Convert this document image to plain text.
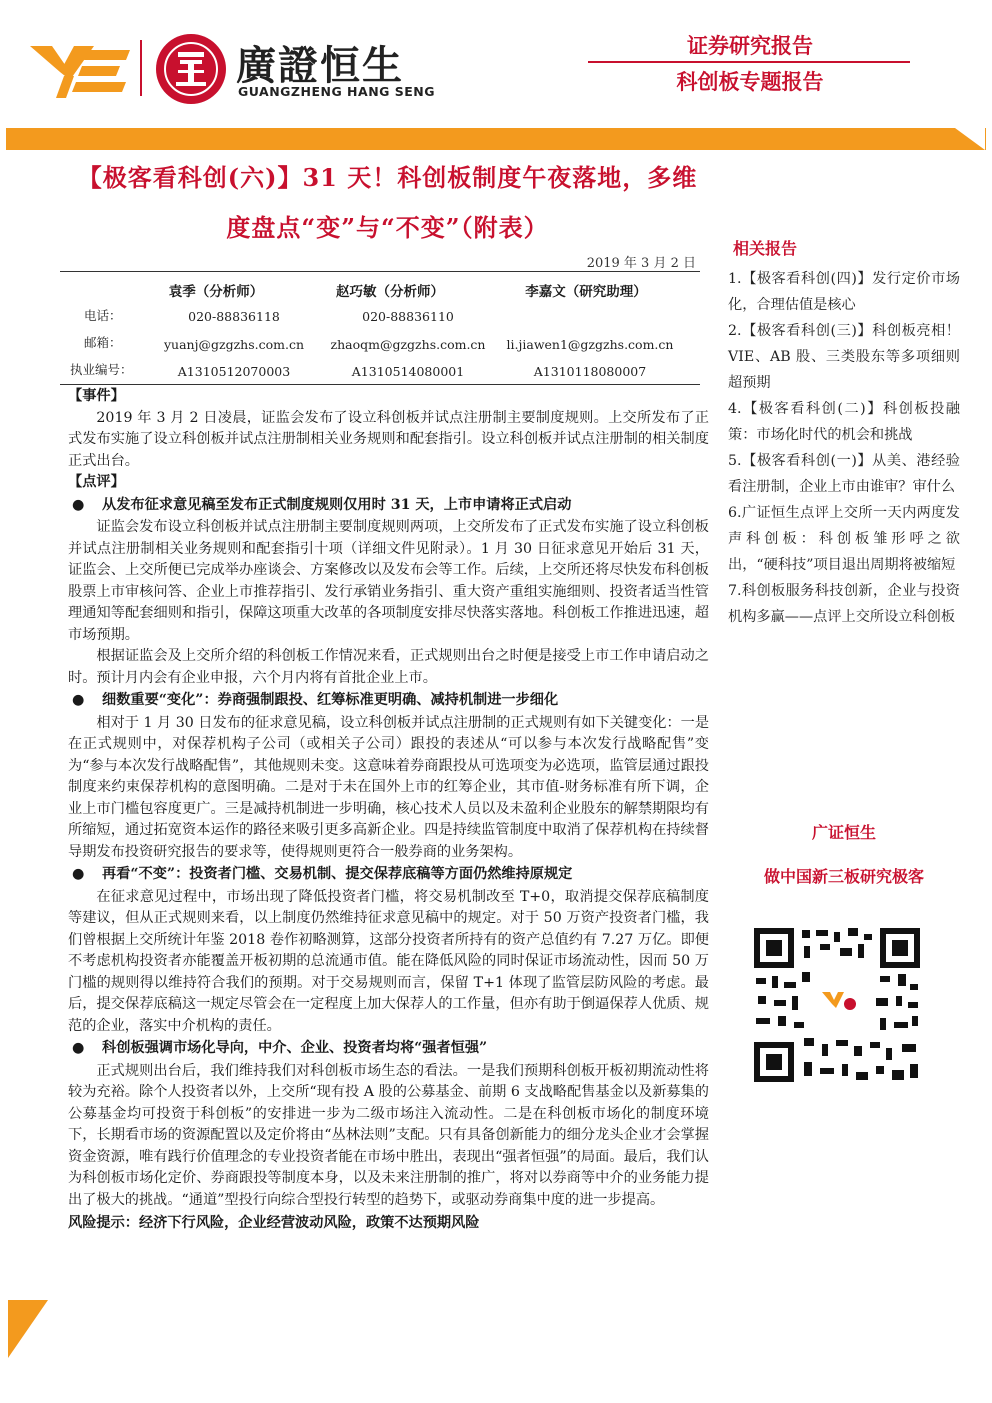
廣證恒生
GUANGZHENG HANG SENG
证券研究报告
科创板专题报告
【极客看科创(六)】31 天！科创板制度午夜落地，多维
度盘点“变”与“不变”（附表）
2019 年 3 月 2 日
袁季（分析师）	赵巧敏（分析师）	李嘉文（研究助理）
电话：	020-88836118	020-88836110
邮箱：	yuanj@gzgzhs.com.cn	zhaoqm@gzgzhs.com.cn	li.jiawen1@gzgzhs.com.cn
执业编号：	A1310512070003	A1310514080001	A1310118080007

【事件】

2019 年 3 月 2 日凌晨，证监会发布了设立科创板并试点注册制主要制度规则。上交所发布了正式发布实施了设立科创板并试点注册制相关业务规则和配套指引。设立科创板并试点注册制的相关制度正式出台。

【点评】

● 从发布征求意见稿至发布正式制度规则仅用时 31 天，上市申请将正式启动

证监会发布设立科创板并试点注册制主要制度规则两项，上交所发布了正式发布实施了设立科创板并试点注册制相关业务规则和配套指引十项（详细文件见附录）。1 月 30 日征求意见开始后 31 天，证监会、上交所便已完成举办座谈会、方案修改以及发布会等工作。后续，上交所还将尽快发布科创板股票上市审核问答、企业上市推荐指引、发行承销业务指引、重大资产重组实施细则、投资者适当性管理通知等配套细则和指引，保障这项重大改革的各项制度安排尽快落实落地。科创板工作推进迅速，超市场预期。

根据证监会及上交所介绍的科创板工作情况来看，正式规则出台之时便是接受上市工作申请启动之时。预计月内会有企业申报，六个月内将有首批企业上市。

● 细数重要“变化”：券商强制跟投、红筹标准更明确、减持机制进一步细化

相对于 1 月 30 日发布的征求意见稿，设立科创板并试点注册制的正式规则有如下关键变化：一是在正式规则中，对保荐机构子公司（或相关子公司）跟投的表述从“可以参与本次发行战略配售”变为“参与本次发行战略配售”，其他规则未变。这意味着券商跟投从可选项变为必选项，监管层通过跟投制度来约束保荐机构的意图明确。二是对于未在国外上市的红筹企业，其市值-财务标准有所下调，企业上市门槛包容度更广。三是减持机制进一步明确，核心技术人员以及未盈利企业股东的解禁期限均有所缩短，通过拓宽资本运作的路径来吸引更多高新企业。四是持续监管制度中取消了保荐机构在持续督导期发布投资研究报告的要求等，使得规则更符合一般券商的业务架构。

● 再看“不变”：投资者门槛、交易机制、提交保荐底稿等方面仍然维持原规定

在征求意见过程中，市场出现了降低投资者门槛，将交易机制改至 T+0，取消提交保荐底稿制度等建议，但从正式规则来看，以上制度仍然维持征求意见稿中的规定。对于 50 万资产投资者门槛，我们曾根据上交所统计年鉴 2018 卷作初略测算，这部分投资者所持有的资产总值约有 7.27 万亿。即便不考虑机构投资者亦能覆盖开板初期的总流通市值。能在降低风险的同时保证市场流动性，因而 50 万门槛的规则得以维持符合我们的预期。对于交易规则而言，保留 T+1 体现了监管层防风险的考虑。最后，提交保荐底稿这一规定尽管会在一定程度上加大保荐人的工作量，但亦有助于倒逼保荐人优质、规范的企业，落实中介机构的责任。

● 科创板强调市场化导向，中介、企业、投资者均将“强者恒强”

正式规则出台后，我们维持我们对科创板市场生态的看法。一是我们预期科创板开板初期流动性将较为充裕。除个人投资者以外，上交所“现有投 A 股的公募基金、前期 6 支战略配售基金以及新募集的公募基金均可投资于科创板”的安排进一步为二级市场注入流动性。二是在科创板市场化的制度环境下，长期看市场的资源配置以及定价将由“丛林法则”支配。只有具备创新能力的细分龙头企业才会掌握资金资源，唯有践行价值理念的专业投资者能在市场中胜出，表现出“强者恒强”的局面。最后，我们认为科创板市场化定价、券商跟投等制度本身，以及未来注册制的推广，将对以券商等中介的业务能力提出了极大的挑战。“通道”型投行向综合型投行转型的趋势下，或驱动券商集中度的进一步提高。

风险提示：经济下行风险，企业经营波动风险，政策不达预期风险

相关报告

1.【极客看科创(四)】发行定价市场化，合理估值是核心

2.【极客看科创(三)】科创板亮相！VIE、AB 股、三类股东等多项细则超预期

4.【极客看科创(二)】科创板投融策：市场化时代的机会和挑战

5.【极客看科创(一)】从美、港经验看注册制，企业上市由谁审？审什么

6.广证恒生点评上交所一天内两度发声科创板：科创板雏形呼之欲出，“硬科技”项目退出周期将被缩短

7.科创板服务科技创新，企业与投资机构多赢——点评上交所设立科创板

广证恒生
做中国新三板研究极客
